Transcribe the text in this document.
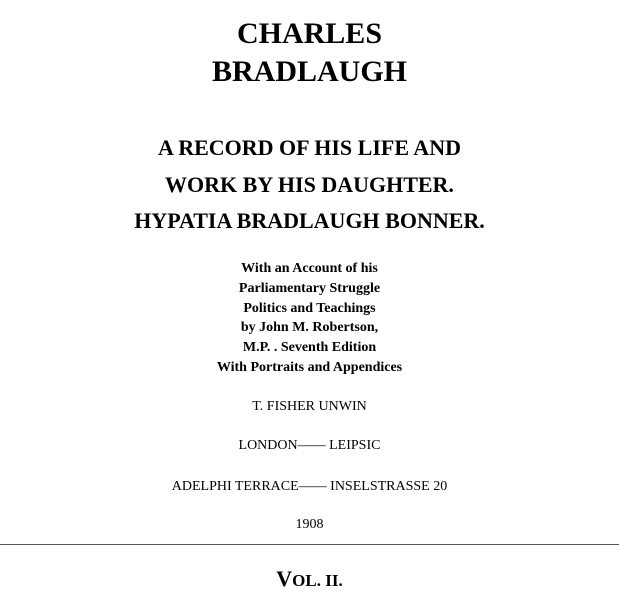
CHARLES
BRADLAUGH
A RECORD OF HIS LIFE AND
WORK BY HIS DAUGHTER.
HYPATIA BRADLAUGH BONNER.
With an Account of his
Parliamentary Struggle
Politics and Teachings
by John M. Robertson,
M.P. . Seventh Edition
With Portraits and Appendices
T. FISHER UNWIN
LONDON—— LEIPSIC
ADELPHI TERRACE—— INSELSTRASSE 20
1908
VOL. II.
